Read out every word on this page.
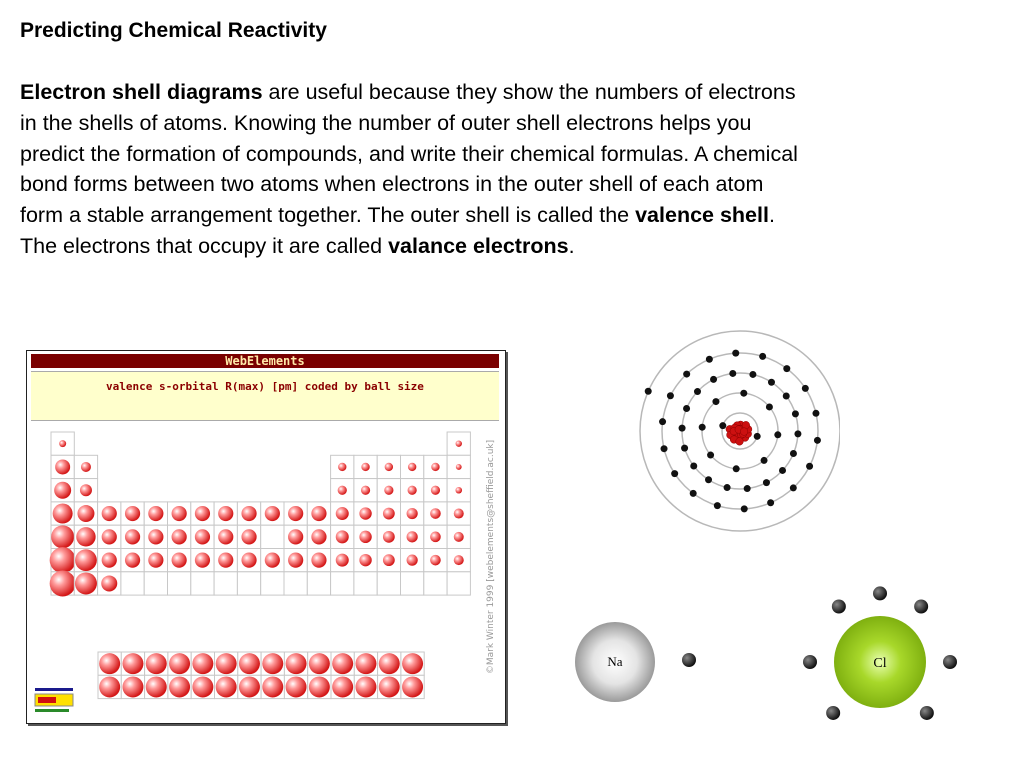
Predicting Chemical Reactivity
Electron shell diagrams are useful because they show the numbers of electrons
in the shells of atoms. Knowing the number of outer shell electrons helps you
predict the formation of compounds, and write their chemical formulas. A chemical
bond forms between two atoms when electrons in the outer shell of each atom
form a stable arrangement together. The outer shell is called the valence shell.
The electrons that occupy it are called valance electrons.
WebElements
valence s-orbital R(max) [pm] coded by ball size
©Mark Winter 1999 [webelements@sheffield.ac.uk]	Na	Cl
